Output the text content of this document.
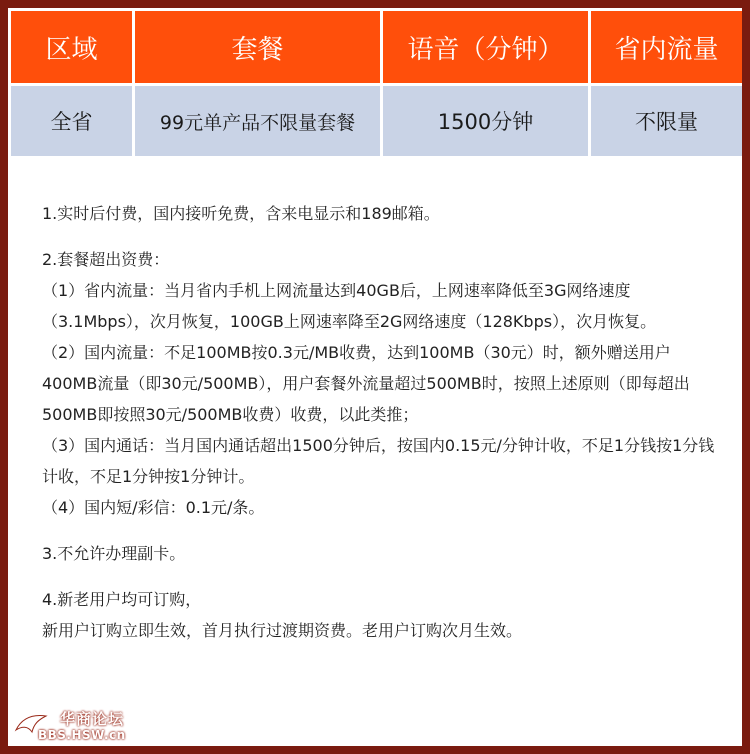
区域	套餐	语音（分钟）	省内流量
全省	99元单产品不限量套餐	1500分钟	不限量

1.实时后付费，国内接听免费，含来电显示和189邮箱。

2.套餐超出资费：

（1）省内流量：当月省内手机上网流量达到40GB后，上网速率降低至3G网络速度（3.1Mbps），次月恢复，100GB上网速率降至2G网络速度（128Kbps），次月恢复。

（2）国内流量：不足100MB按0.3元/MB收费，达到100MB（30元）时，额外赠送用户400MB流量（即30元/500MB），用户套餐外流量超过500MB时，按照上述原则（即每超出500MB即按照30元/500MB收费）收费，以此类推；

（3）国内通话：当月国内通话超出1500分钟后，按国内0.15元/分钟计收，不足1分钱按1分钱计收，不足1分钟按1分钟计。

（4）国内短/彩信：0.1元/条。

3.不允许办理副卡。

4.新老用户均可订购，

新用户订购立即生效，首月执行过渡期资费。老用户订购次月生效。

华商论坛
BBS.HSW.cn
